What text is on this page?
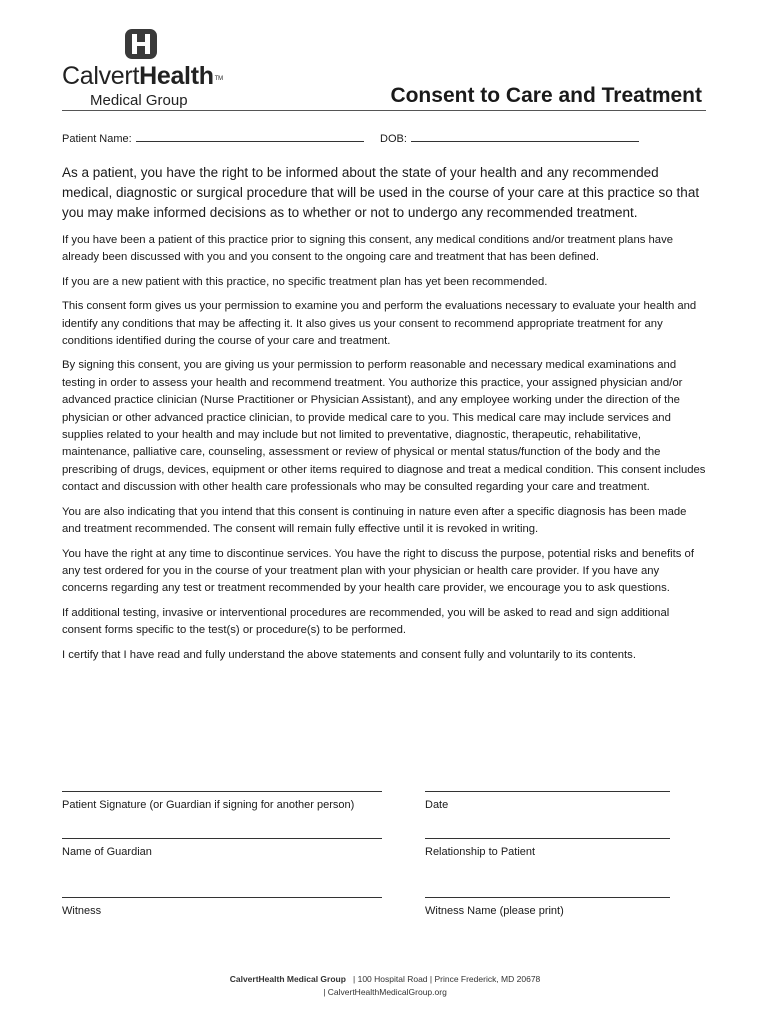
CalvertHealthTM
Medical Group	Consent to Care and Treatment
Patient Name:	DOB:

As a patient, you have the right to be informed about the state of your health and any recommended medical, diagnostic or surgical procedure that will be used in the course of your care at this practice so that you may make informed decisions as to whether or not to undergo any recommended treatment.

If you have been a patient of this practice prior to signing this consent, any medical conditions and/or treatment plans have already been discussed with you and you consent to the ongoing care and treatment that has been defined.

If you are a new patient with this practice, no specific treatment plan has yet been recommended.

This consent form gives us your permission to examine you and perform the evaluations necessary to evaluate your health and identify any conditions that may be affecting it. It also gives us your consent to recommend appropriate treatment for any conditions identified during the course of your care and treatment.

By signing this consent, you are giving us your permission to perform reasonable and necessary medical examinations and testing in order to assess your health and recommend treatment. You authorize this practice, your assigned physician and/or advanced practice clinician (Nurse Practitioner or Physician Assistant), and any employee working under the direction of the physician or other advanced practice clinician, to provide medical care to you. This medical care may include services and supplies related to your health and may include but not limited to preventative, diagnostic, therapeutic, rehabilitative, maintenance, palliative care, counseling, assessment or review of physical or mental status/function of the body and the prescribing of drugs, devices, equipment or other items required to diagnose and treat a medical condition. This consent includes contact and discussion with other health care professionals who may be consulted regarding your care and treatment.

You are also indicating that you intend that this consent is continuing in nature even after a specific diagnosis has been made and treatment recommended. The consent will remain fully effective until it is revoked in writing.

You have the right at any time to discontinue services. You have the right to discuss the purpose, potential risks and benefits of any test ordered for you in the course of your treatment plan with your physician or health care provider. If you have any concerns regarding any test or treatment recommended by your health care provider, we encourage you to ask questions.

If additional testing, invasive or interventional procedures are recommended, you will be asked to read and sign additional consent forms specific to the test(s) or procedure(s) to be performed.

I certify that I have read and fully understand the above statements and consent fully and voluntarily to its contents.

Patient Signature (or Guardian if signing for another person)	Date
Name of Guardian	Relationship to Patient
Witness	Witness Name (please print)
CalvertHealth Medical Group | 100 Hospital Road | Prince Frederick, MD 20678
| CalvertHealthMedicalGroup.org
